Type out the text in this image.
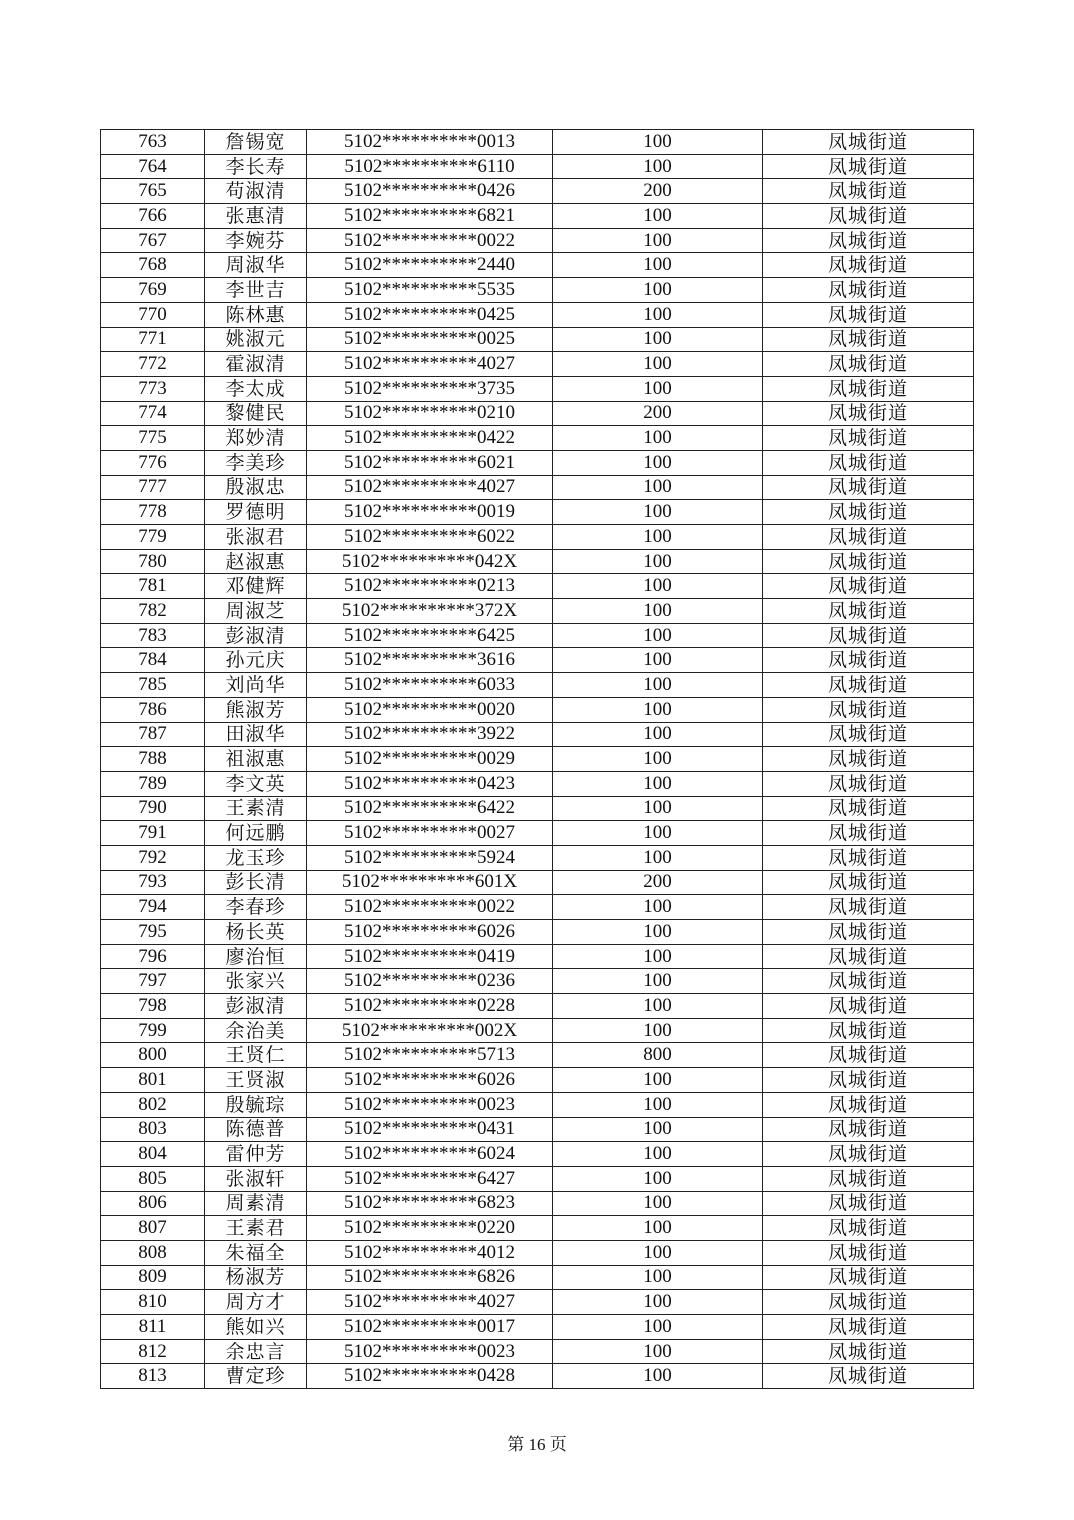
763	詹锡宽	5102**********0013	100	凤城街道
764	李长寿	5102**********6110	100	凤城街道
765	苟淑清	5102**********0426	200	凤城街道
766	张惠清	5102**********6821	100	凤城街道
767	李婉芬	5102**********0022	100	凤城街道
768	周淑华	5102**********2440	100	凤城街道
769	李世吉	5102**********5535	100	凤城街道
770	陈林惠	5102**********0425	100	凤城街道
771	姚淑元	5102**********0025	100	凤城街道
772	霍淑清	5102**********4027	100	凤城街道
773	李太成	5102**********3735	100	凤城街道
774	黎健民	5102**********0210	200	凤城街道
775	郑妙清	5102**********0422	100	凤城街道
776	李美珍	5102**********6021	100	凤城街道
777	殷淑忠	5102**********4027	100	凤城街道
778	罗德明	5102**********0019	100	凤城街道
779	张淑君	5102**********6022	100	凤城街道
780	赵淑惠	5102**********042X	100	凤城街道
781	邓健辉	5102**********0213	100	凤城街道
782	周淑芝	5102**********372X	100	凤城街道
783	彭淑清	5102**********6425	100	凤城街道
784	孙元庆	5102**********3616	100	凤城街道
785	刘尚华	5102**********6033	100	凤城街道
786	熊淑芳	5102**********0020	100	凤城街道
787	田淑华	5102**********3922	100	凤城街道
788	祖淑惠	5102**********0029	100	凤城街道
789	李文英	5102**********0423	100	凤城街道
790	王素清	5102**********6422	100	凤城街道
791	何远鹏	5102**********0027	100	凤城街道
792	龙玉珍	5102**********5924	100	凤城街道
793	彭长清	5102**********601X	200	凤城街道
794	李春珍	5102**********0022	100	凤城街道
795	杨长英	5102**********6026	100	凤城街道
796	廖治恒	5102**********0419	100	凤城街道
797	张家兴	5102**********0236	100	凤城街道
798	彭淑清	5102**********0228	100	凤城街道
799	余治美	5102**********002X	100	凤城街道
800	王贤仁	5102**********5713	800	凤城街道
801	王贤淑	5102**********6026	100	凤城街道
802	殷毓琮	5102**********0023	100	凤城街道
803	陈德普	5102**********0431	100	凤城街道
804	雷仲芳	5102**********6024	100	凤城街道
805	张淑轩	5102**********6427	100	凤城街道
806	周素清	5102**********6823	100	凤城街道
807	王素君	5102**********0220	100	凤城街道
808	朱福全	5102**********4012	100	凤城街道
809	杨淑芳	5102**********6826	100	凤城街道
810	周方才	5102**********4027	100	凤城街道
811	熊如兴	5102**********0017	100	凤城街道
812	余忠言	5102**********0023	100	凤城街道
813	曹定珍	5102**********0428	100	凤城街道
第 16 页
